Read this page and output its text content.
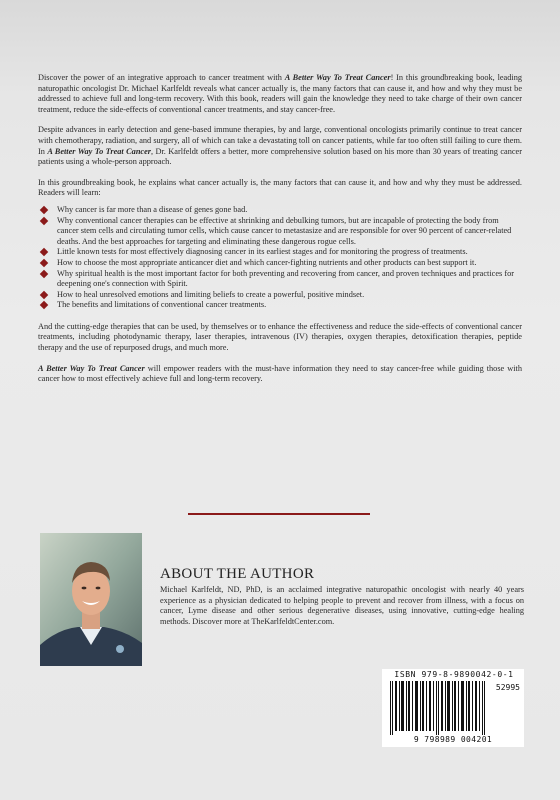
Discover the power of an integrative approach to cancer treatment with A Better Way To Treat Cancer! In this groundbreaking book, leading naturopathic oncologist Dr. Michael Karlfeldt reveals what cancer actually is, the many factors that can cause it, and how and why they must be addressed to achieve full and long-term recovery. With this book, readers will gain the knowledge they need to take charge of their own cancer treatment, reduce the side-effects of conventional cancer treatments, and stay cancer-free.

Despite advances in early detection and gene-based immune therapies, by and large, conventional oncologists primarily continue to treat cancer with chemotherapy, radiation, and surgery, all of which can take a devastating toll on cancer patients, while far too often still failing to cure them. In A Better Way To Treat Cancer, Dr. Karlfeldt offers a better, more comprehensive solution based on his more than 30 years of treating cancer patients using a whole-person approach.

In this groundbreaking book, he explains what cancer actually is, the many factors that can cause it, and how and why they must be addressed. Readers will learn:

Why cancer is far more than a disease of genes gone bad.
Why conventional cancer therapies can be effective at shrinking and debulking tumors, but are incapable of protecting the body from cancer stem cells and circulating tumor cells, which cause cancer to metastasize and are responsible for over 90 percent of cancer-related deaths. And the best approaches for targeting and eliminating these dangerous rogue cells.
Little known tests for most effectively diagnosing cancer in its earliest stages and for monitoring the progress of treatments.
How to choose the most appropriate anticancer diet and which cancer-fighting nutrients and other products can best support it.
Why spiritual health is the most important factor for both preventing and recovering from cancer, and proven techniques and practices for deepening one's connection with Spirit.
How to heal unresolved emotions and limiting beliefs to create a powerful, positive mindset.
The benefits and limitations of conventional cancer treatments.

And the cutting-edge therapies that can be used, by themselves or to enhance the effectiveness and reduce the side-effects of conventional cancer treatments, including photodynamic therapy, laser therapies, intravenous (IV) therapies, oxygen therapies, detoxification therapies, peptide therapy and the use of repurposed drugs, and much more.

A Better Way To Treat Cancer will empower readers with the must-have information they need to stay cancer-free while guiding those with cancer how to most effectively achieve full and long-term recovery.

ABOUT THE AUTHOR
Michael Karlfeldt, ND, PhD, is an acclaimed integrative naturopathic oncologist with nearly 40 years experience as a physician dedicated to helping people to prevent and recover from illness, with a focus on cancer, Lyme disease and other serious degenerative diseases, using innovative, cutting-edge healing methods. Discover more at TheKarlfeldtCenter.com.
ISBN 979-8-9890042-0-1
52995
9 798989 004201
